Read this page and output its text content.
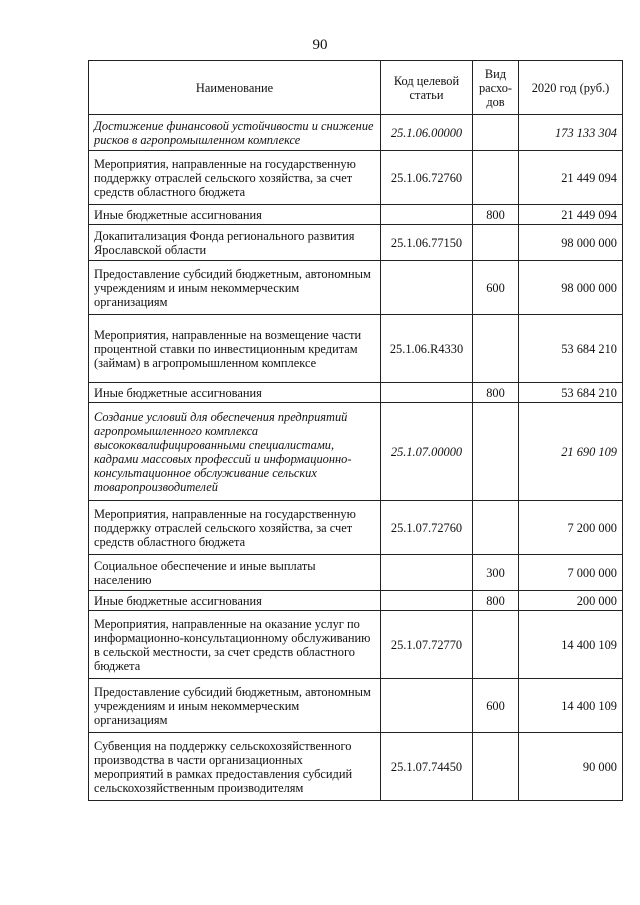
90
Наименование	Код целевой статьи	Вид расхо-дов	2020 год (руб.)
Достижение финансовой устойчивости и снижение рисков в агропромышленном комплексе	25.1.06.00000		173 133 304
Мероприятия, направленные на государственную поддержку отраслей сельского хозяйства, за счет средств областного бюджета	25.1.06.72760		21 449 094
Иные бюджетные ассигнования		800	21 449 094
Докапитализация Фонда регионального развития Ярославской области	25.1.06.77150		98 000 000
Предоставление субсидий бюджетным, автономным учреждениям и иным некоммерческим организациям		600	98 000 000
Мероприятия, направленные на возмещение части процентной ставки по инвестиционным кредитам (займам) в агропромышленном комплексе	25.1.06.R4330		53 684 210
Иные бюджетные ассигнования		800	53 684 210
Создание условий для обеспечения предприятий агропромышленного комплекса высококвалифицированными специалистами, кадрами массовых профессий и информационно-консультационное обслуживание сельских товаропроизводителей	25.1.07.00000		21 690 109
Мероприятия, направленные на государственную поддержку отраслей сельского хозяйства, за счет средств областного бюджета	25.1.07.72760		7 200 000
Социальное обеспечение и иные выплаты населению		300	7 000 000
Иные бюджетные ассигнования		800	200 000
Мероприятия, направленные на оказание услуг по информационно-консультационному обслуживанию в сельской местности, за счет средств областного бюджета	25.1.07.72770		14 400 109
Предоставление субсидий бюджетным, автономным учреждениям и иным некоммерческим организациям		600	14 400 109
Субвенция на поддержку сельскохозяйственного производства в части организационных мероприятий в рамках предоставления субсидий сельскохозяйственным производителям	25.1.07.74450		90 000
